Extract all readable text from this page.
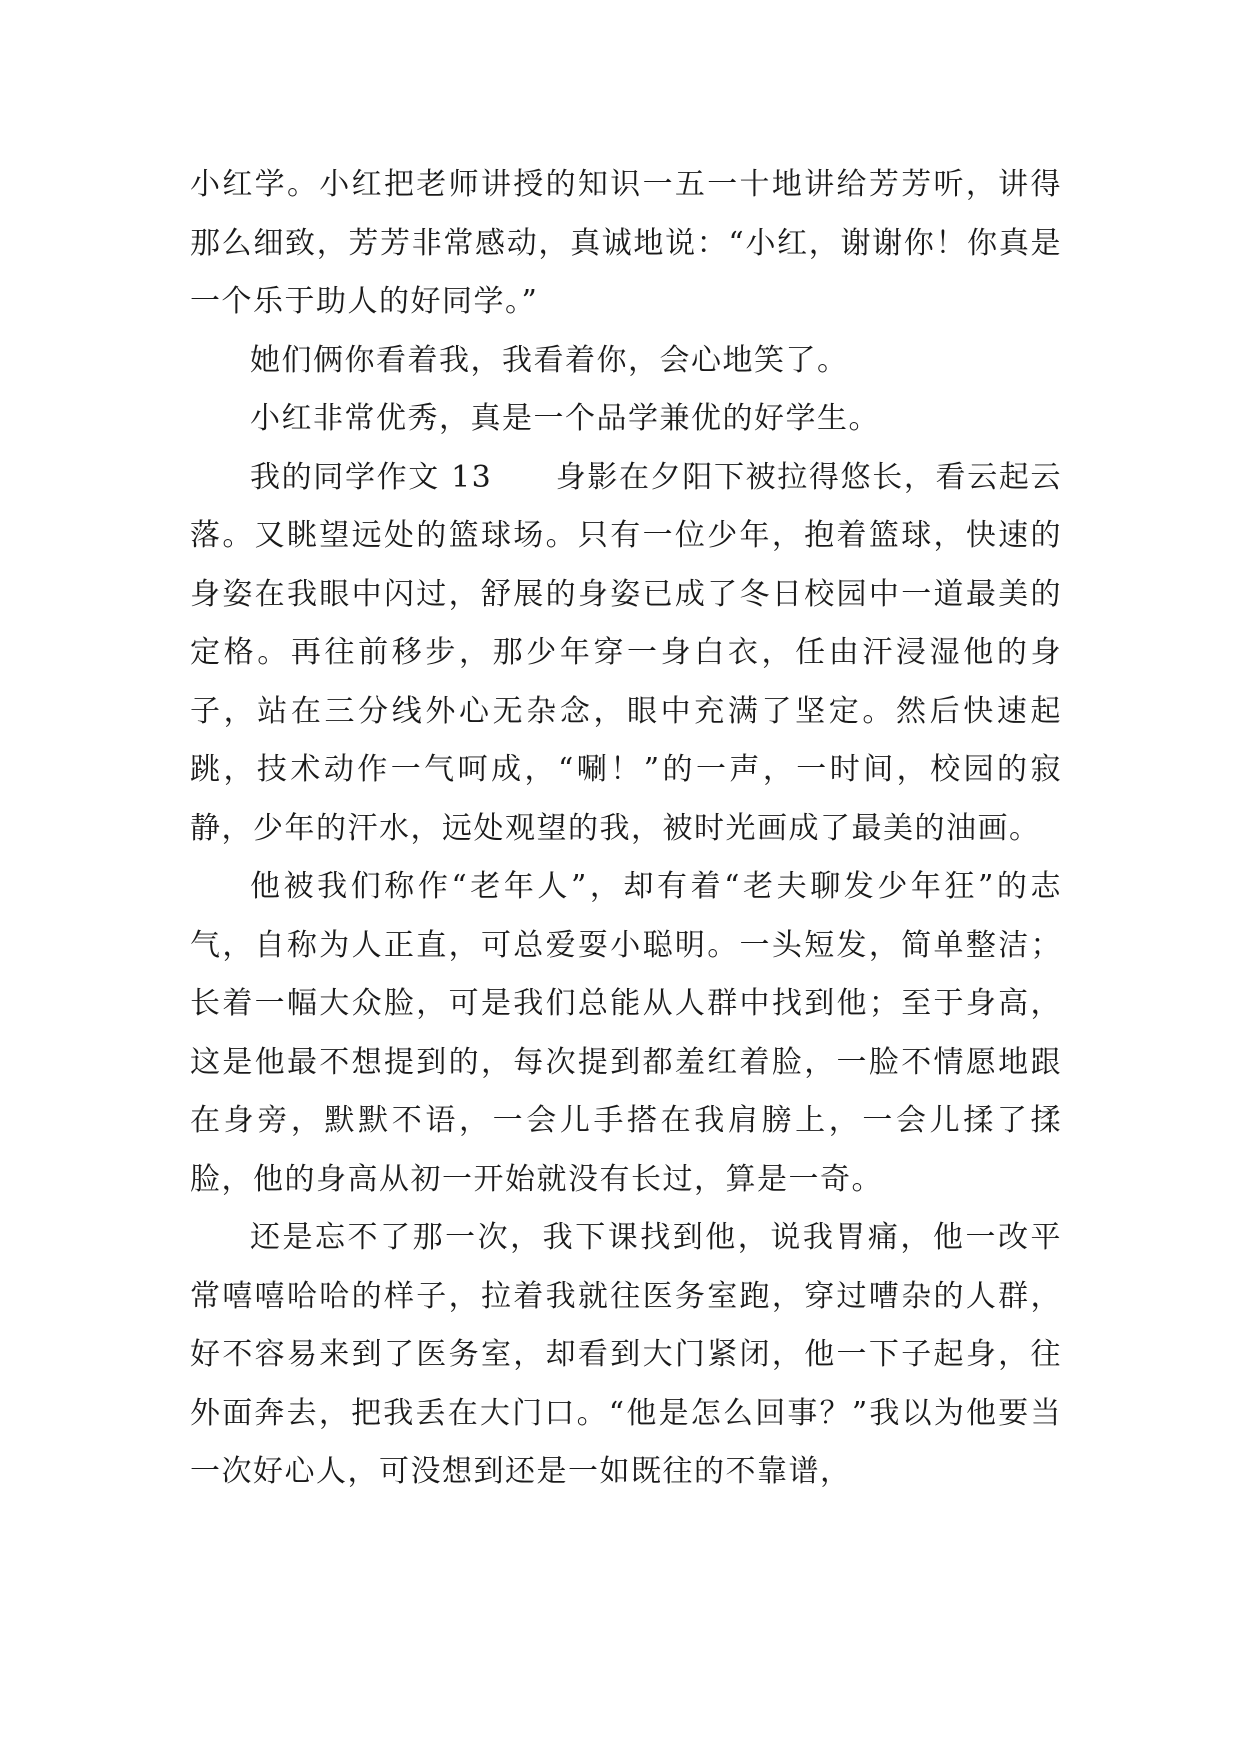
小红学。小红把老师讲授的知识一五一十地讲给芳芳听，讲得那么细致，芳芳非常感动，真诚地说：“小红，谢谢你！你真是一个乐于助人的好同学。”

她们俩你看着我，我看着你，会心地笑了。

小红非常优秀，真是一个品学兼优的好学生。

我的同学作文 13　　身影在夕阳下被拉得悠长，看云起云落。又眺望远处的篮球场。只有一位少年，抱着篮球，快速的身姿在我眼中闪过，舒展的身姿已成了冬日校园中一道最美的定格。再往前移步，那少年穿一身白衣，任由汗浸湿他的身子，站在三分线外心无杂念，眼中充满了坚定。然后快速起跳，技术动作一气呵成，“唰！”的一声，一时间，校园的寂静，少年的汗水，远处观望的我，被时光画成了最美的油画。

他被我们称作“老年人”，却有着“老夫聊发少年狂”的志气，自称为人正直，可总爱耍小聪明。一头短发，简单整洁；长着一幅大众脸，可是我们总能从人群中找到他；至于身高，这是他最不想提到的，每次提到都羞红着脸，一脸不情愿地跟在身旁，默默不语，一会儿手搭在我肩膀上，一会儿揉了揉脸，他的身高从初一开始就没有长过，算是一奇。

还是忘不了那一次，我下课找到他，说我胃痛，他一改平常嘻嘻哈哈的样子，拉着我就往医务室跑，穿过嘈杂的人群，好不容易来到了医务室，却看到大门紧闭，他一下子起身，往外面奔去，把我丢在大门口。“他是怎么回事？”我以为他要当一次好心人，可没想到还是一如既往的不靠谱，
